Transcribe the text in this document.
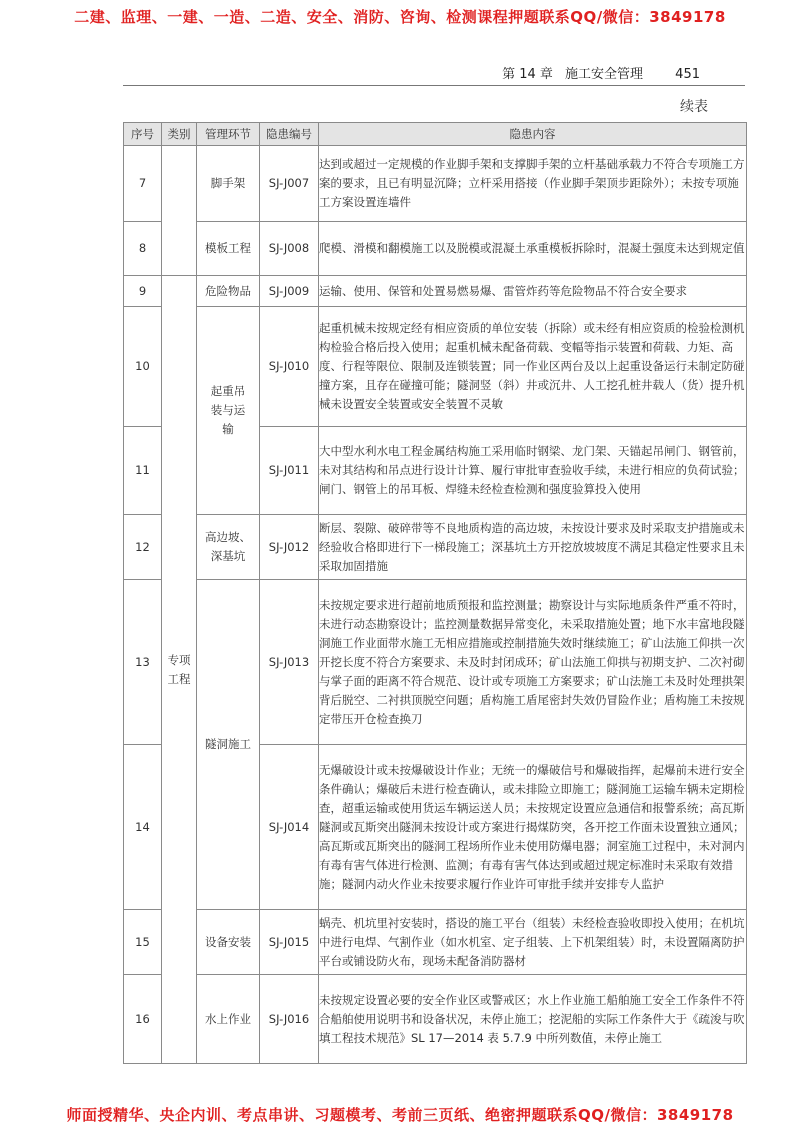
二建、监理、一建、一造、二造、安全、消防、咨询、检测课程押题联系QQ/微信：3849178
第 14 章 施工安全管理 451
续表
序号	类别	管理环节	隐患编号	隐患内容
7		脚手架	SJ-J007	达到或超过一定规模的作业脚手架和支撑脚手架的立杆基础承载力不符合专项施工方案的要求，且已有明显沉降；立杆采用搭接（作业脚手架顶步距除外）；未按专项施工方案设置连墙件
8		模板工程	SJ-J008	爬模、滑模和翻模施工以及脱模或混凝土承重模板拆除时，混凝土强度未达到规定值
9	专项工程	危险物品	SJ-J009	运输、使用、保管和处置易燃易爆、雷管炸药等危险物品不符合安全要求
10		起重吊装与运输	SJ-J010	起重机械未按规定经有相应资质的单位安装（拆除）或未经有相应资质的检验检测机构检验合格后投入使用；起重机械未配备荷载、变幅等指示装置和荷载、力矩、高度、行程等限位、限制及连锁装置；同一作业区两台及以上起重设备运行未制定防碰撞方案，且存在碰撞可能；隧洞竖（斜）井或沉井、人工挖孔桩井载人（货）提升机械未设置安全装置或安全装置不灵敏
11			SJ-J011	大中型水利水电工程金属结构施工采用临时钢梁、龙门架、天锚起吊闸门、钢管前，未对其结构和吊点进行设计计算、履行审批审查验收手续，未进行相应的负荷试验；闸门、钢管上的吊耳板、焊缝未经检查检测和强度验算投入使用
12		高边坡、深基坑	SJ-J012	断层、裂隙、破碎带等不良地质构造的高边坡，未按设计要求及时采取支护措施或未经验收合格即进行下一梯段施工；深基坑土方开挖放坡坡度不满足其稳定性要求且未采取加固措施
13		隧洞施工	SJ-J013	未按规定要求进行超前地质预报和监控测量；勘察设计与实际地质条件严重不符时，未进行动态勘察设计；监控测量数据异常变化，未采取措施处置；地下水丰富地段隧洞施工作业面带水施工无相应措施或控制措施失效时继续施工；矿山法施工仰拱一次开挖长度不符合方案要求、未及时封闭成环；矿山法施工仰拱与初期支护、二次衬砌与掌子面的距离不符合规范、设计或专项施工方案要求；矿山法施工未及时处理拱架背后脱空、二衬拱顶脱空问题；盾构施工盾尾密封失效仍冒险作业；盾构施工未按规定带压开仓检查换刀
14			SJ-J014	无爆破设计或未按爆破设计作业；无统一的爆破信号和爆破指挥，起爆前未进行安全条件确认；爆破后未进行检查确认，或未排险立即施工；隧洞施工运输车辆未定期检查，超重运输或使用货运车辆运送人员；未按规定设置应急通信和报警系统；高瓦斯隧洞或瓦斯突出隧洞未按设计或方案进行揭煤防突，各开挖工作面未设置独立通风；高瓦斯或瓦斯突出的隧洞工程场所作业未使用防爆电器；洞室施工过程中，未对洞内有毒有害气体进行检测、监测；有毒有害气体达到或超过规定标准时未采取有效措施；隧洞内动火作业未按要求履行作业许可审批手续并安排专人监护
15		设备安装	SJ-J015	蜗壳、机坑里衬安装时，搭设的施工平台（组装）未经检查验收即投入使用；在机坑中进行电焊、气割作业（如水机室、定子组装、上下机架组装）时，未设置隔离防护平台或铺设防火布，现场未配备消防器材
16		水上作业	SJ-J016	未按规定设置必要的安全作业区或警戒区；水上作业施工船舶施工安全工作条件不符合船舶使用说明书和设备状况，未停止施工；挖泥船的实际工作条件大于《疏浚与吹填工程技术规范》SL 17—2014 表 5.7.9 中所列数值，未停止施工
师面授精华、央企内训、考点串讲、习题模考、考前三页纸、绝密押题联系QQ/微信：3849178
